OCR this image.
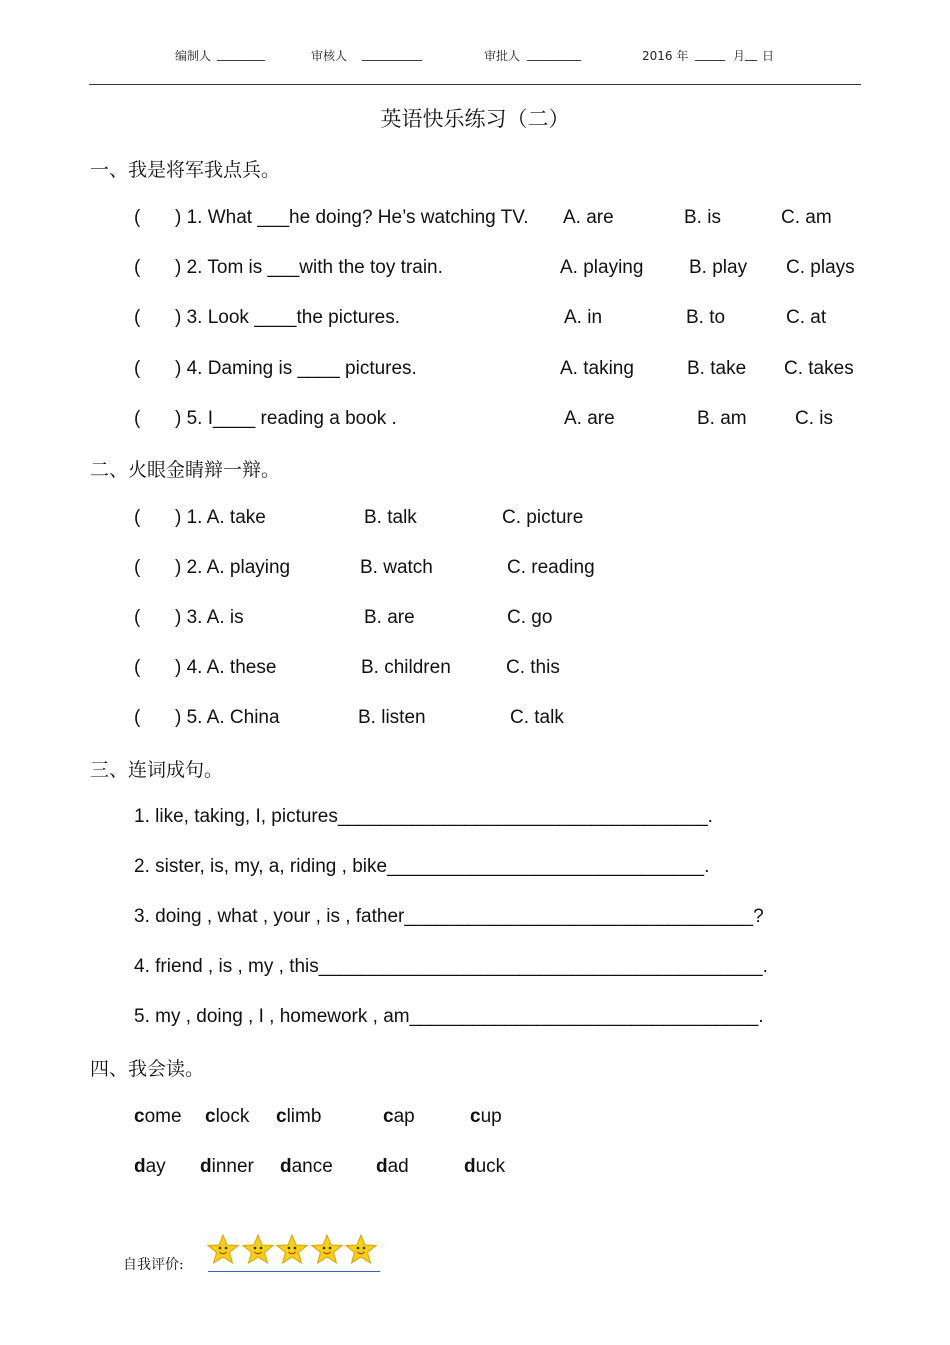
编制人 ________	审核人 __________	审批人 _________	2016 年 _____ 月 __ 日
英语快乐练习（二）
一、我是将军我点兵。
( ) 1. What ___he doing? He’s watching TV. A. are	B. is	C. am
( ) 2. Tom is ___with the toy train.	A. playing B. play C. plays
( ) 3. Look ____the pictures.	A. in	B. to	C. at
( ) 4. Daming is ____ pictures.	A. taking	B. take C. takes
( ) 5. I____ reading a book .	A. are	B. am	C. is
二、火眼金睛辩一辩。
( ) 1. A. take	B. talk	C. picture
( ) 2. A. playing	B. watch	C. reading
( ) 3. A. is	B. are	C. go
( ) 4. A. these	B. children	C. this
( ) 5. A. China	B. listen	C. talk
三、连词成句。
1. like, taking, I, pictures___________________________________.
2. sister, is, my, a, riding , bike______________________________.
3. doing , what , your , is , father_________________________________?
4. friend , is , my , this__________________________________________.
5. my , doing , I , homework , am_________________________________.
四、我会读。
come clock climb	cap	cup
day dinner dance dad	duck
自我评价:
